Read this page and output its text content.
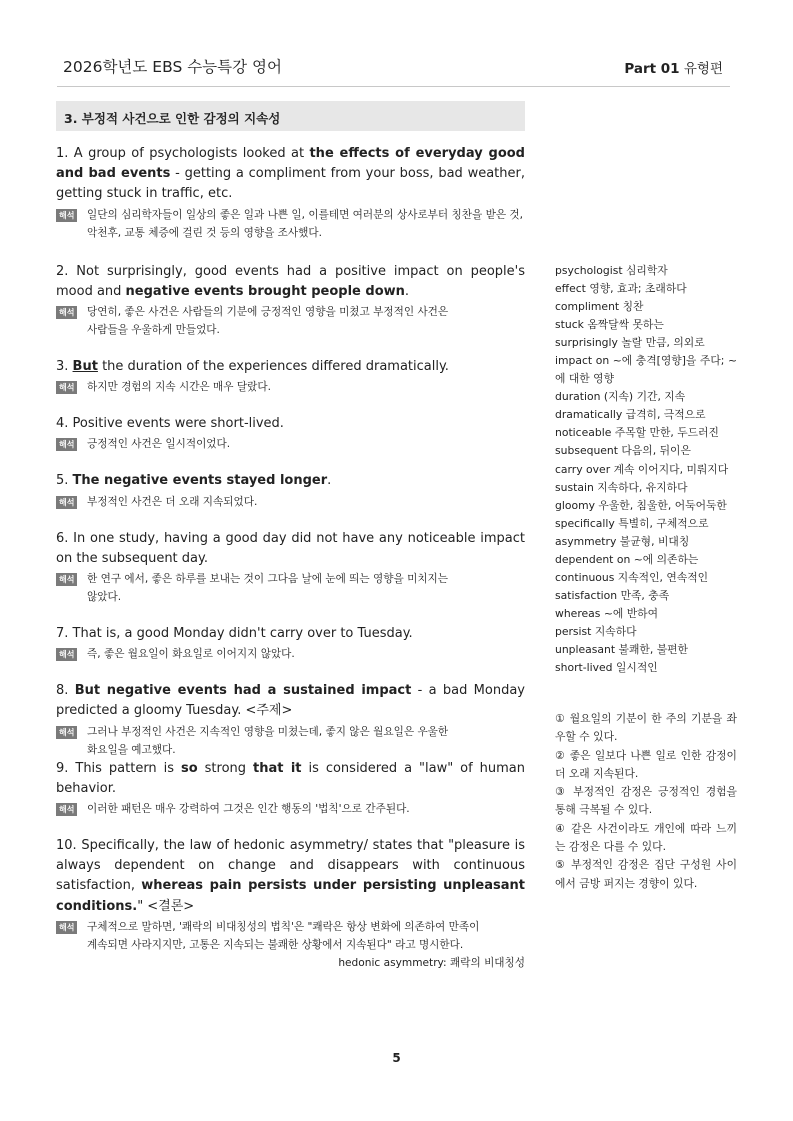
2026학년도 EBS 수능특강 영어	Part 01 유형편
3. 부정적 사건으로 인한 감정의 지속성
1. A group of psychologists looked at the effects of everyday good and bad events - getting a compliment from your boss, bad weather, getting stuck in traffic, etc.
해석 일단의 심리학자들이 일상의 좋은 일과 나쁜 일, 이를테면 여러분의 상사로부터 칭찬을 받은 것, 악천후, 교통 체증에 걸린 것 등의 영향을 조사했다.
2. Not surprisingly, good events had a positive impact on people's mood and negative events brought people down.
해석 당연히, 좋은 사건은 사람들의 기분에 긍정적인 영향을 미쳤고 부정적인 사건은
사람들을 우울하게 만들었다.
3. But the duration of the experiences differed dramatically.
해석 하지만 경험의 지속 시간은 매우 달랐다.
4. Positive events were short-lived.
해석 긍정적인 사건은 일시적이었다.
5. The negative events stayed longer.
해석 부정적인 사건은 더 오래 지속되었다.
6. In one study, having a good day did not have any noticeable impact on the subsequent day.
해석 한 연구 에서, 좋은 하루를 보내는 것이 그다음 날에 눈에 띄는 영향을 미치지는
않았다.
7. That is, a good Monday didn't carry over to Tuesday.
해석 즉, 좋은 월요일이 화요일로 이어지지 않았다.
8. But negative events had a sustained impact - a bad Monday predicted a gloomy Tuesday. <주제>
해석 그러나 부정적인 사건은 지속적인 영향을 미쳤는데, 좋지 않은 월요일은 우울한
화요일을 예고했다.
9. This pattern is so strong that it is considered a "law" of human behavior.
해석 이러한 패턴은 매우 강력하여 그것은 인간 행동의 '법칙'으로 간주된다.
10. Specifically, the law of hedonic asymmetry/ states that "pleasure is always dependent on change and disappears with continuous satisfaction, whereas pain persists under persisting unpleasant conditions." <결론>
해석 구체적으로 말하면, '쾌락의 비대칭성의 법칙'은 "쾌락은 항상 변화에 의존하여 만족이
계속되면 사라지지만, 고통은 지속되는 불쾌한 상황에서 지속된다" 라고 명시한다.
hedonic asymmetry: 쾌락의 비대칭성
psychologist 심리학자
effect 영향, 효과; 초래하다
compliment 칭찬
stuck 옴짝달싹 못하는
surprisingly 놀랄 만큼, 의외로
impact on ~에 충격[영향]을 주다; ~에 대한 영향
duration (지속) 기간, 지속
dramatically 급격히, 극적으로
noticeable 주목할 만한, 두드러진
subsequent 다음의, 뒤이은
carry over 계속 이어지다, 미뤄지다
sustain 지속하다, 유지하다
gloomy 우울한, 침울한, 어둑어둑한
specifically 특별히, 구체적으로
asymmetry 불균형, 비대칭
dependent on ~에 의존하는
continuous 지속적인, 연속적인
satisfaction 만족, 충족
whereas ~에 반하여
persist 지속하다
unpleasant 불쾌한, 불편한
short-lived 일시적인
① 월요일의 기분이 한 주의 기분을 좌우할 수 있다.
② 좋은 일보다 나쁜 일로 인한 감정이 더 오래 지속된다.
③ 부정적인 감정은 긍정적인 경험을 통해 극복될 수 있다.
④ 같은 사건이라도 개인에 따라 느끼는 감정은 다를 수 있다.
⑤ 부정적인 감정은 집단 구성원 사이에서 금방 퍼지는 경향이 있다.
5
